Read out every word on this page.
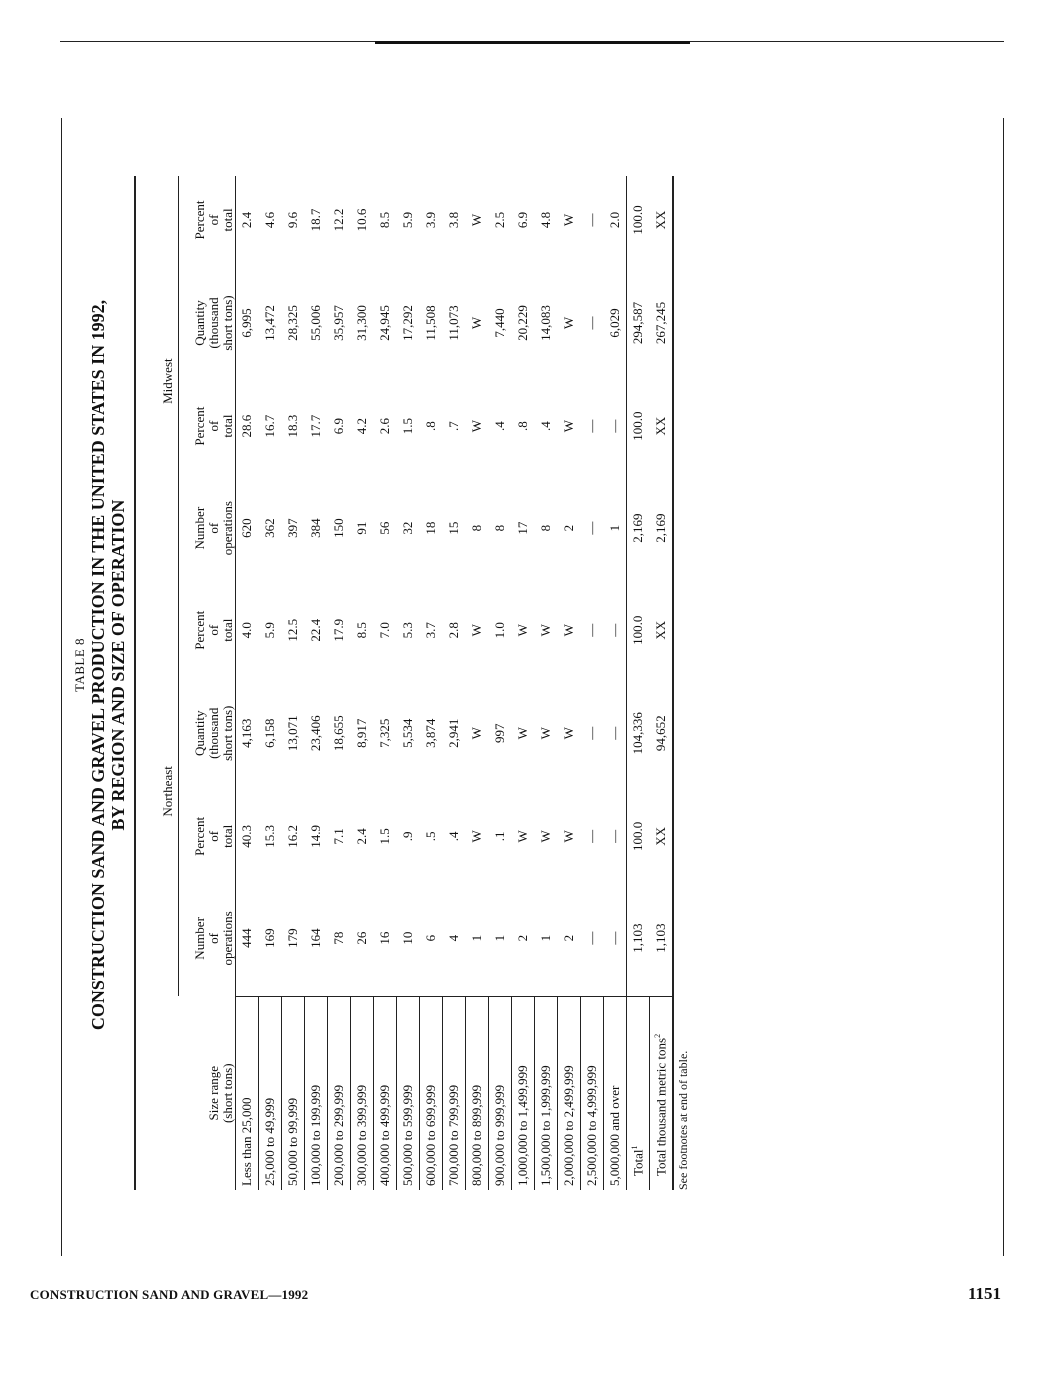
TABLE 8 CONSTRUCTION SAND AND GRAVEL PRODUCTION IN THE UNITED STATES IN 1992, BY REGION AND SIZE OF OPERATION

	Northeast				Midwest			
Size range
(short tons)	Number
of
operations	Percent
of
total	Quantity
(thousand
short tons)	Percent
of
total	Number
of
operations	Percent
of
total	Quantity
(thousand
short tons)	Percent
of
total
Less than 25,000	444	40.3	4,163	4.0	620	28.6	6,995	2.4
25,000 to 49,999	169	15.3	6,158	5.9	362	16.7	13,472	4.6
50,000 to 99,999	179	16.2	13,071	12.5	397	18.3	28,325	9.6
100,000 to 199,999	164	14.9	23,406	22.4	384	17.7	55,006	18.7
200,000 to 299,999	78	7.1	18,655	17.9	150	6.9	35,957	12.2
300,000 to 399,999	26	2.4	8,917	8.5	91	4.2	31,300	10.6
400,000 to 499,999	16	1.5	7,325	7.0	56	2.6	24,945	8.5
500,000 to 599,999	10	.9	5,534	5.3	32	1.5	17,292	5.9
600,000 to 699,999	6	.5	3,874	3.7	18	.8	11,508	3.9
700,000 to 799,999	4	.4	2,941	2.8	15	.7	11,073	3.8
800,000 to 899,999	1	W	W	W	8	W	W	W
900,000 to 999,999	1	.1	997	1.0	8	.4	7,440	2.5
1,000,000 to 1,499,999	2	W	W	W	17	.8	20,229	6.9
1,500,000 to 1,999,999	1	W	W	W	8	.4	14,083	4.8
2,000,000 to 2,499,999	2	W	W	W	2	W	W	W
2,500,000 to 4,999,999	—	—	—	—	—	—	—	—
5,000,000 and over	—	—	—	—	1	—	6,029	2.0
Total$^1$	1,103	100.0	104,336	100.0	2,169	100.0	294,587	100.0
Total thousand metric tons$^2$	1,103	XX	94,652	XX	2,169	XX	267,245	XX
See footnotes at end of table.
CONSTRUCTION SAND AND GRAVEL—1992	1151
